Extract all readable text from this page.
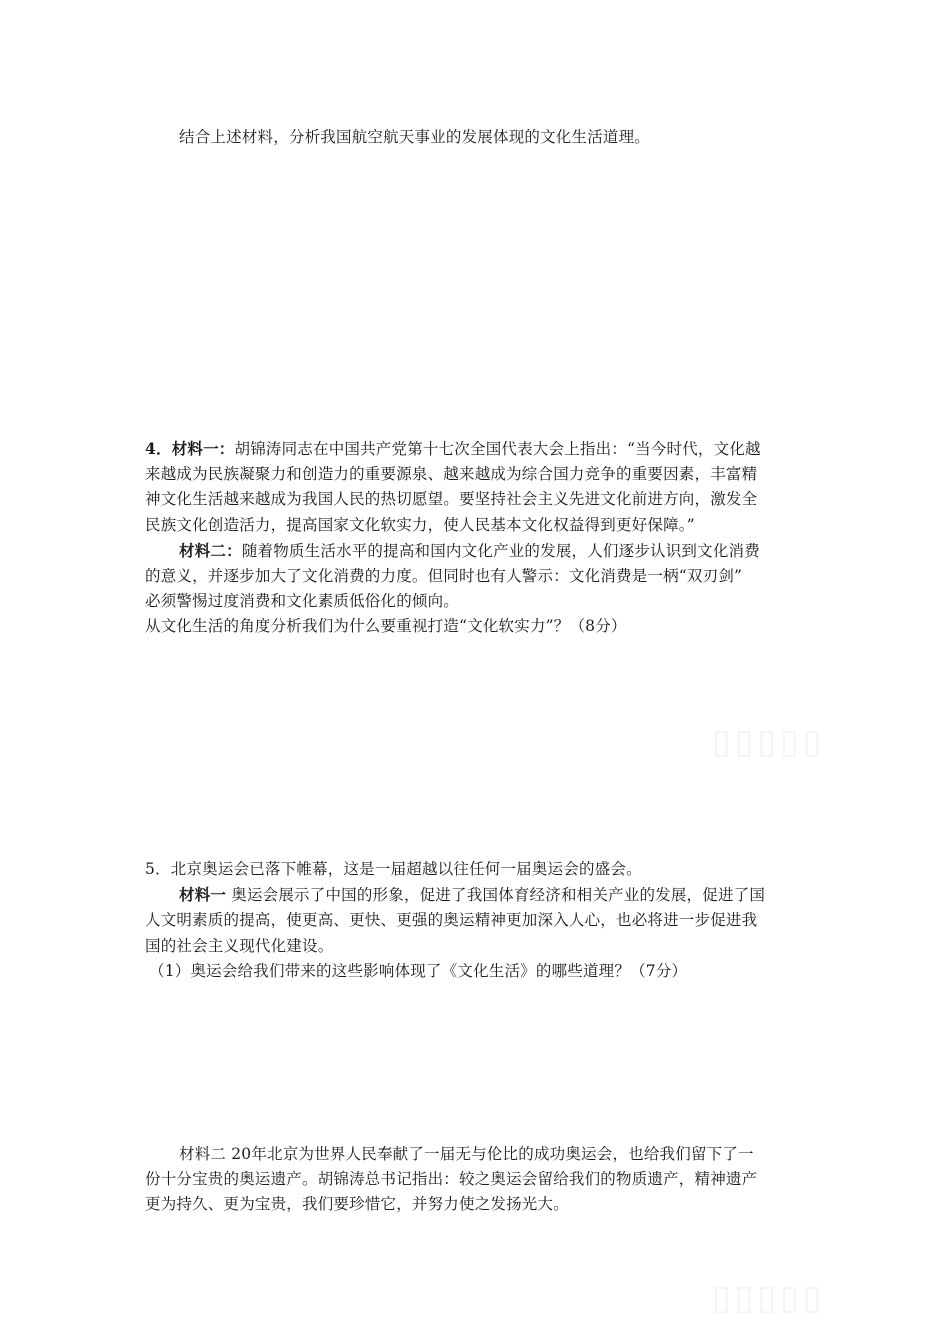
结合上述材料，分析我国航空航天事业的发展体现的文化生活道理。
4．材料一：胡锦涛同志在中国共产党第十七次全国代表大会上指出：“当今时代，文化越
来越成为民族凝聚力和创造力的重要源泉、越来越成为综合国力竞争的重要因素，丰富精
神文化生活越来越成为我国人民的热切愿望。要坚持社会主义先进文化前进方向，激发全
民族文化创造活力，提高国家文化软实力，使人民基本文化权益得到更好保障。”
材料二：随着物质生活水平的提高和国内文化产业的发展，人们逐步认识到文化消费
的意义，并逐步加大了文化消费的力度。但同时也有人警示：文化消费是一柄“双刃剑”
必须警惕过度消费和文化素质低俗化的倾向。
从文化生活的角度分析我们为什么要重视打造“文化软实力”？（8分）
5．北京奥运会已落下帷幕，这是一届超越以往任何一届奥运会的盛会。
材料一 奥运会展示了中国的形象，促进了我国体育经济和相关产业的发展，促进了国
人文明素质的提高，使更高、更快、更强的奥运精神更加深入人心，也必将进一步促进我
国的社会主义现代化建设。
（1）奥运会给我们带来的这些影响体现了《文化生活》的哪些道理？（7分）
材料二 20年北京为世界人民奉献了一届无与伦比的成功奥运会，也给我们留下了一
份十分宝贵的奥运遗产。胡锦涛总书记指出：较之奥运会留给我们的物质遗产，精神遗产
更为持久、更为宝贵，我们要珍惜它，并努力使之发扬光大。
▯▯▯▯▯
▯▯▯▯▯
